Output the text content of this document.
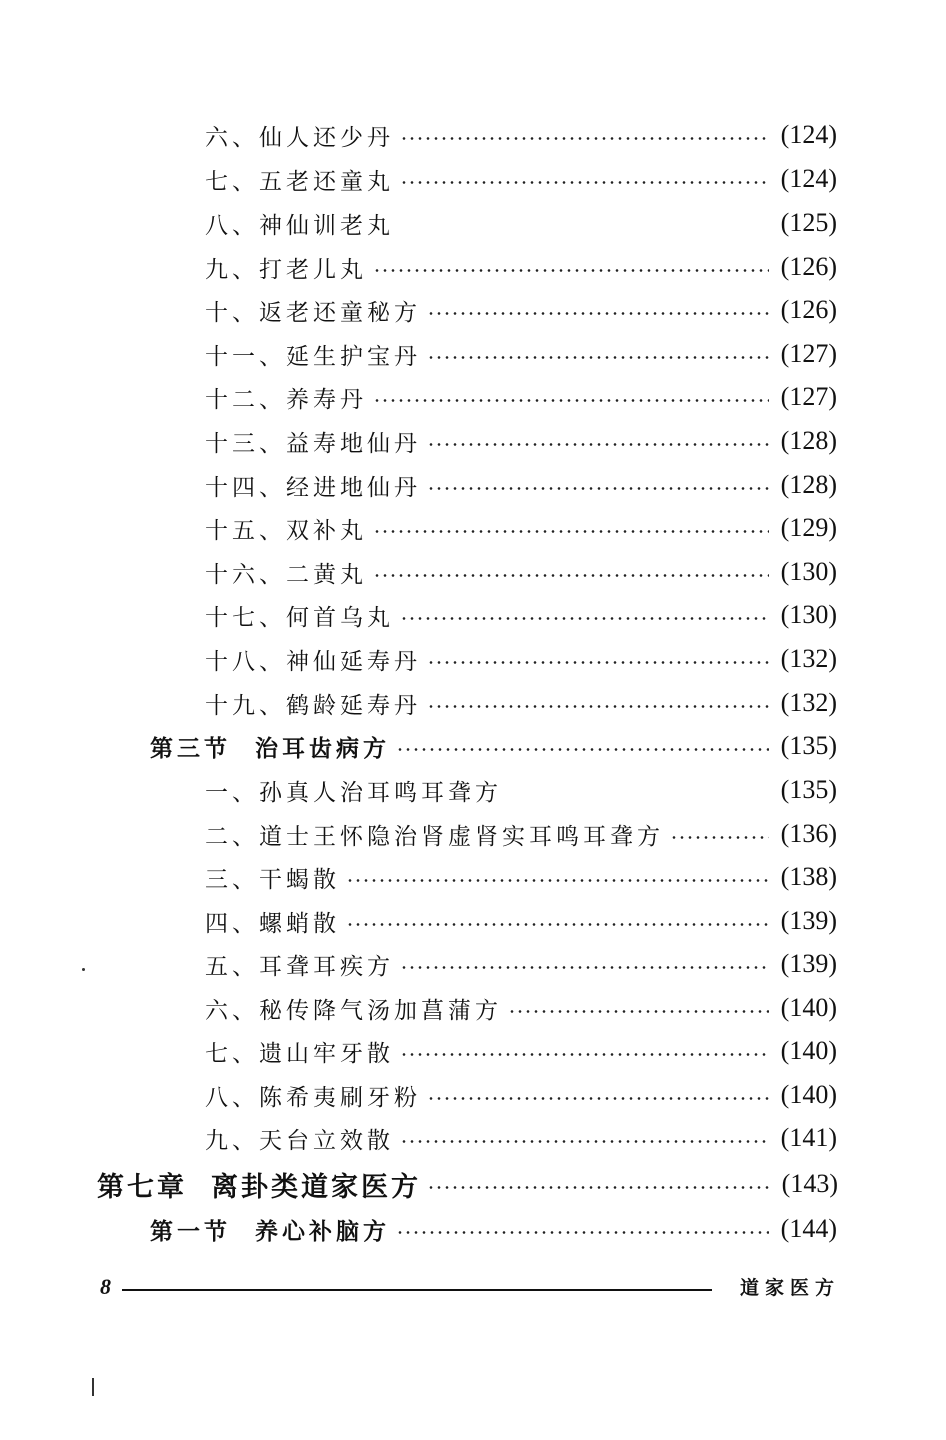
六、仙人还少丹	(124)
七、五老还童丸	(124)
八、神仙训老丸	(125)
九、打老儿丸	(126)
十、返老还童秘方	(126)
十一、延生护宝丹	(127)
十二、养寿丹	(127)
十三、益寿地仙丹	(128)
十四、经进地仙丹	(128)
十五、双补丸	(129)
十六、二黄丸	(130)
十七、何首乌丸	(130)
十八、神仙延寿丹	(132)
十九、鹤龄延寿丹	(132)
第三节 治耳齿病方	(135)
一、孙真人治耳鸣耳聋方	(135)
二、道士王怀隐治肾虚肾实耳鸣耳聋方	(136)
三、干蝎散	(138)
四、螺蛸散	(139)
五、耳聋耳疾方	(139)
六、秘传降气汤加菖蒲方	(140)
七、遗山牢牙散	(140)
八、陈希夷刷牙粉	(140)
九、天台立效散	(141)
第七章 离卦类道家医方	(143)
第一节 养心补脑方	(144)
8	道家医方
